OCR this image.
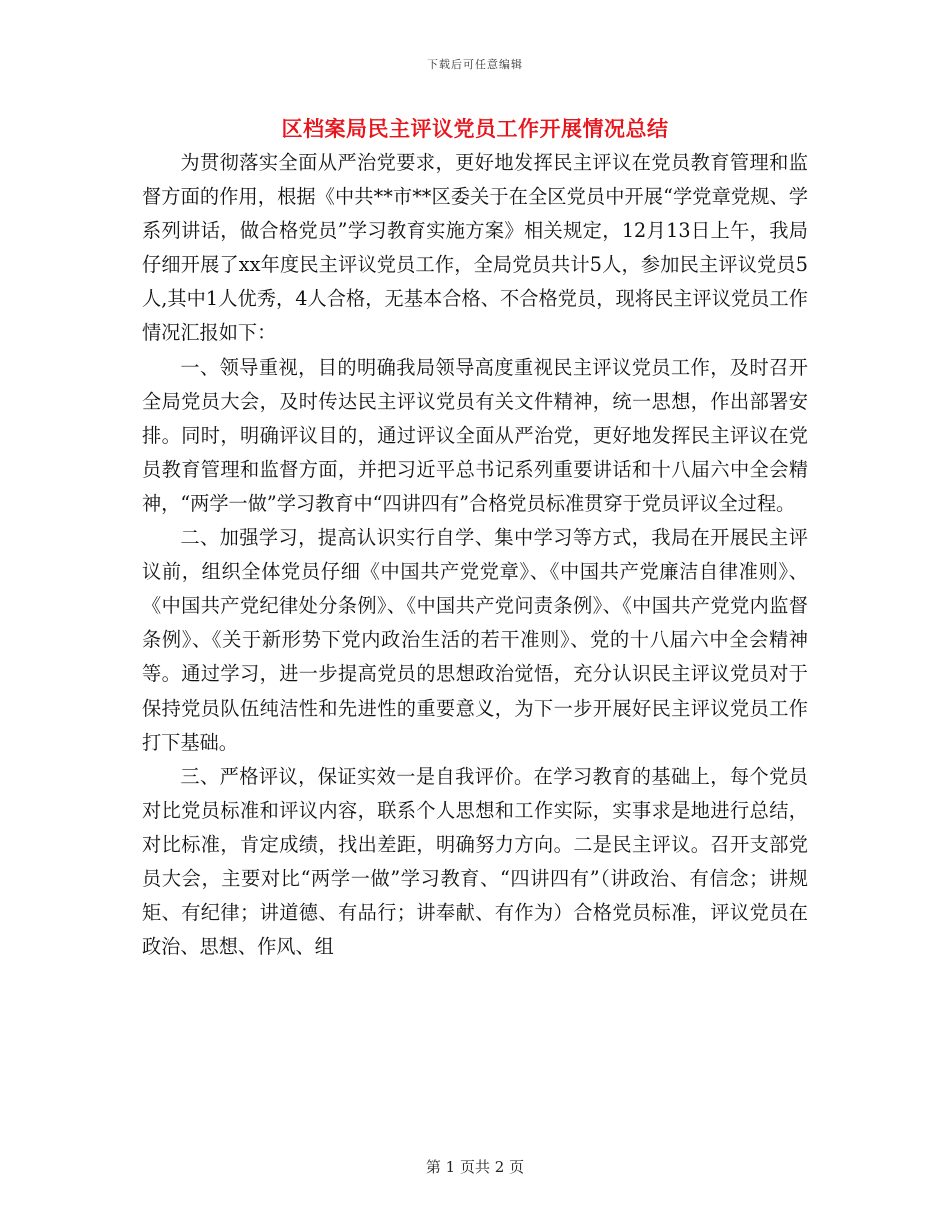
下载后可任意编辑
区档案局民主评议党员工作开展情况总结

为贯彻落实全面从严治党要求，更好地发挥民主评议在党员教育管理和监督方面的作用，根据《中共**市**区委关于在全区党员中开展“学党章党规、学系列讲话，做合格党员”学习教育实施方案》相关规定，12月13日上午，我局仔细开展了xx年度民主评议党员工作，全局党员共计5人，参加民主评议党员5人,其中1人优秀，4人合格，无基本合格、不合格党员，现将民主评议党员工作情况汇报如下：

一、领导重视，目的明确我局领导高度重视民主评议党员工作，及时召开全局党员大会，及时传达民主评议党员有关文件精神，统一思想，作出部署安排。同时，明确评议目的，通过评议全面从严治党，更好地发挥民主评议在党员教育管理和监督方面，并把习近平总书记系列重要讲话和十八届六中全会精神，“两学一做”学习教育中“四讲四有”合格党员标准贯穿于党员评议全过程。

二、加强学习，提高认识实行自学、集中学习等方式，我局在开展民主评议前，组织全体党员仔细《中国共产党党章》、《中国共产党廉洁自律准则》、《中国共产党纪律处分条例》、《中国共产党问责条例》、《中国共产党党内监督条例》、《关于新形势下党内政治生活的若干准则》、党的十八届六中全会精神等。通过学习，进一步提高党员的思想政治觉悟，充分认识民主评议党员对于保持党员队伍纯洁性和先进性的重要意义，为下一步开展好民主评议党员工作打下基础。

三、严格评议，保证实效一是自我评价。在学习教育的基础上，每个党员对比党员标准和评议内容，联系个人思想和工作实际，实事求是地进行总结，对比标准，肯定成绩，找出差距，明确努力方向。二是民主评议。召开支部党员大会，主要对比“两学一做”学习教育、“四讲四有”（讲政治、有信念；讲规矩、有纪律；讲道德、有品行；讲奉献、有作为）合格党员标准，评议党员在政治、思想、作风、组

第 1 页共 2 页
